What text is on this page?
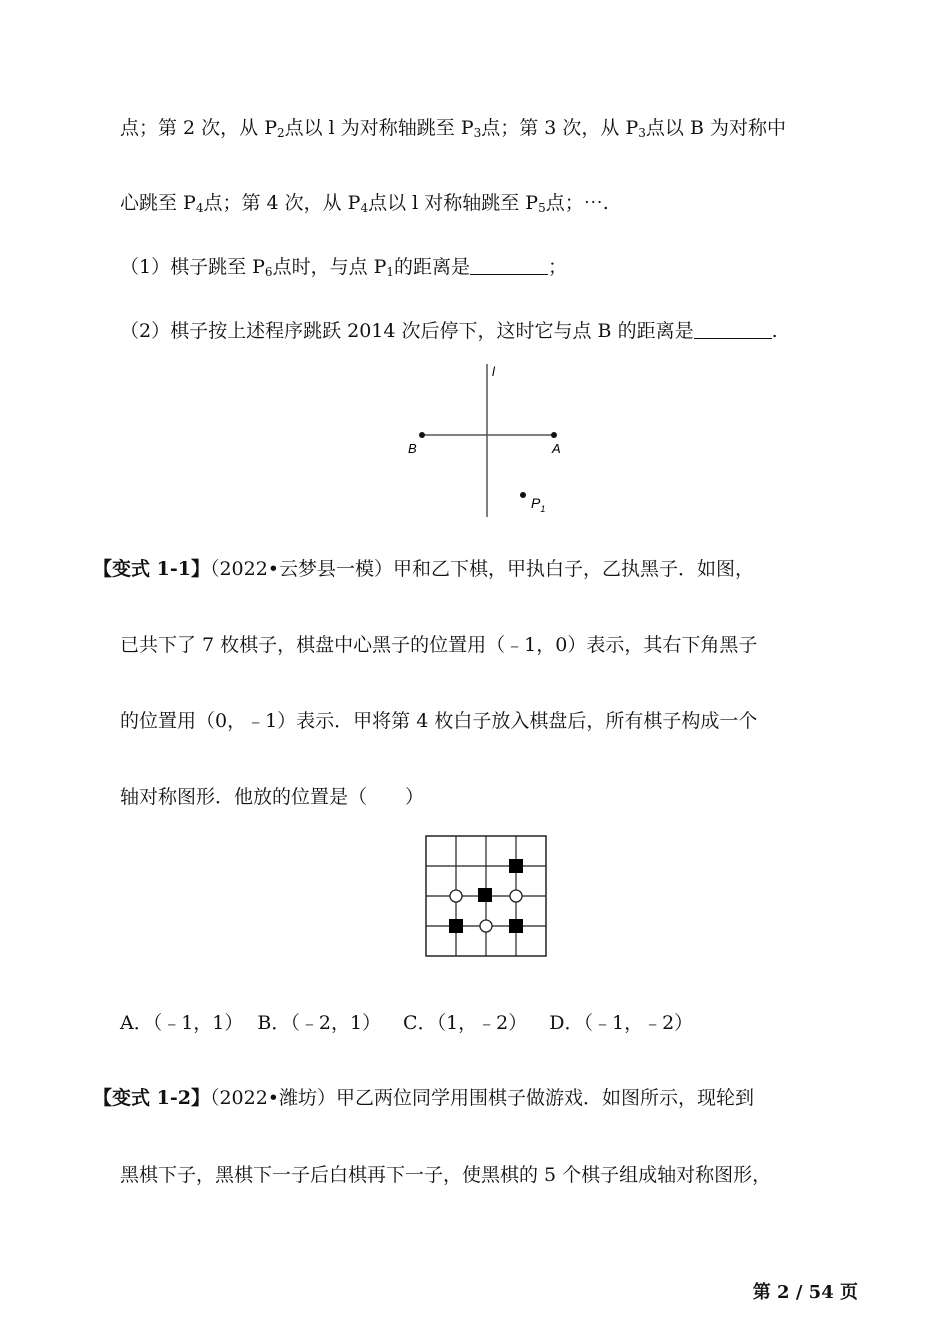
点；第 2 次，从 $P_2$点以 l 为对称轴跳至 $P_3$点；第 3 次，从 $P_3$点以 B 为对称中
心跳至 $P_4$点；第 4 次，从 $P_4$点以 l 对称轴跳至 $P_5$点；⋯.
（1）棋子跳至 $P_6$点时，与点 $P_1$的距离是	；
（2）棋子按上述程序跳跃 2014 次后停下，这时它与点 B 的距离是	.
l
B	A
$P_1$
【变式 1-1】（2022•云梦县一模）甲和乙下棋，甲执白子，乙执黑子．如图，
已共下了 7 枚棋子，棋盘中心黑子的位置用（﹣1，0）表示，其右下角黑子
的位置用（0，﹣1）表示．甲将第 4 枚白子放入棋盘后，所有棋子构成一个
轴对称图形．他放的位置是（　　）
A．（﹣1，1） B．（﹣2，1） C．（1，﹣2） D．（﹣1，﹣2）
【变式 1-2】（2022•潍坊）甲乙两位同学用围棋子做游戏．如图所示，现轮到
黑棋下子，黑棋下一子后白棋再下一子，使黑棋的 5 个棋子组成轴对称图形，
第 2 / 54 页
